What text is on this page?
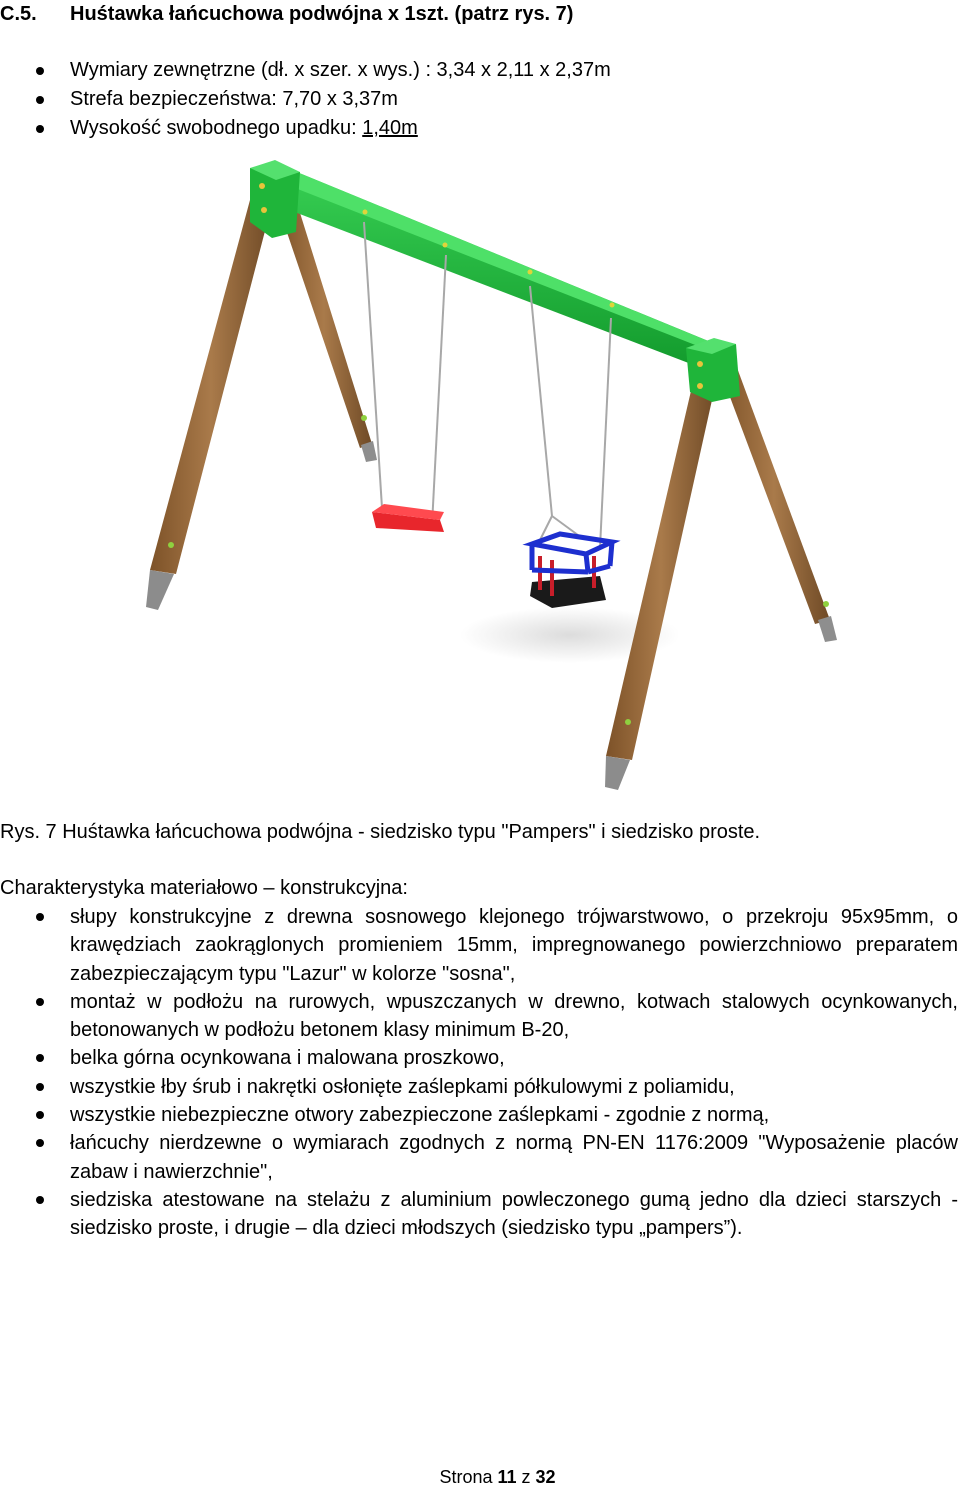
C.5. Huśtawka łańcuchowa podwójna x 1szt. (patrz rys. 7)
Wymiary zewnętrzne (dł. x szer. x wys.) : 3,34 x 2,11 x 2,37m
Strefa bezpieczeństwa: 7,70 x 3,37m
Wysokość swobodnego upadku: 1,40m
Rys. 7 Huśtawka łańcuchowa podwójna - siedzisko typu "Pampers" i siedzisko proste.
Charakterystyka materiałowo – konstrukcyjna:
słupy konstrukcyjne z drewna sosnowego klejonego trójwarstwowo, o przekroju 95x95mm, o krawędziach zaokrąglonych promieniem 15mm, impregnowanego powierzchniowo preparatem zabezpieczającym typu "Lazur" w kolorze "sosna",
montaż w podłożu na rurowych, wpuszczanych w drewno, kotwach stalowych ocynkowanych, betonowanych w podłożu betonem klasy minimum B-20,
belka górna ocynkowana i malowana proszkowo,
wszystkie łby śrub i nakrętki osłonięte zaślepkami półkulowymi z poliamidu,
wszystkie niebezpieczne otwory zabezpieczone zaślepkami - zgodnie z normą,
łańcuchy nierdzewne o wymiarach zgodnych z normą PN-EN 1176:2009 "Wyposażenie placów zabaw i nawierzchnie",
siedziska atestowane na stelażu z aluminium powleczonego gumą jedno dla dzieci starszych - siedzisko proste, i drugie – dla dzieci młodszych (siedzisko typu „pampers”).
Strona 11 z 32
